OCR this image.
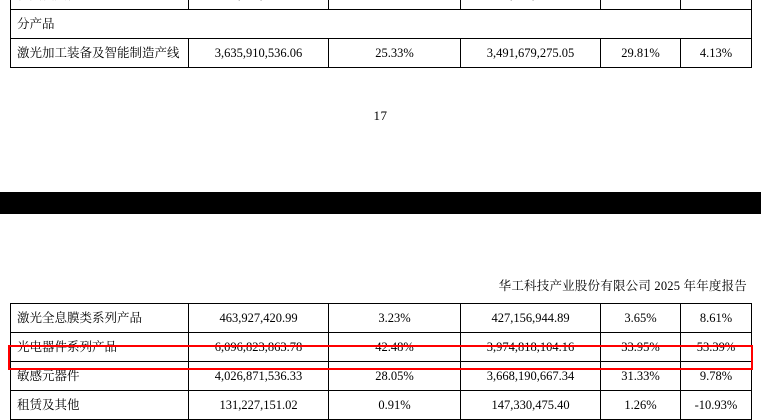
分产品					
激光加工装备及智能制造产线	3,635,910,536.06	25.33%	3,491,679,275.05	29.81%	4.13%
17
华工科技产业股份有限公司 2025 年年度报告
激光全息膜类系列产品	463,927,420.99	3.23%	427,156,944.89	3.65%	8.61%
光电器件系列产品	6,096,823,863.78	42.48%	3,974,818,104.16	33.95%	53.39%
敏感元器件	4,026,871,536.33	28.05%	3,668,190,667.34	31.33%	9.78%
租赁及其他	131,227,151.02	0.91%	147,330,475.40	1.26%	-10.93%
